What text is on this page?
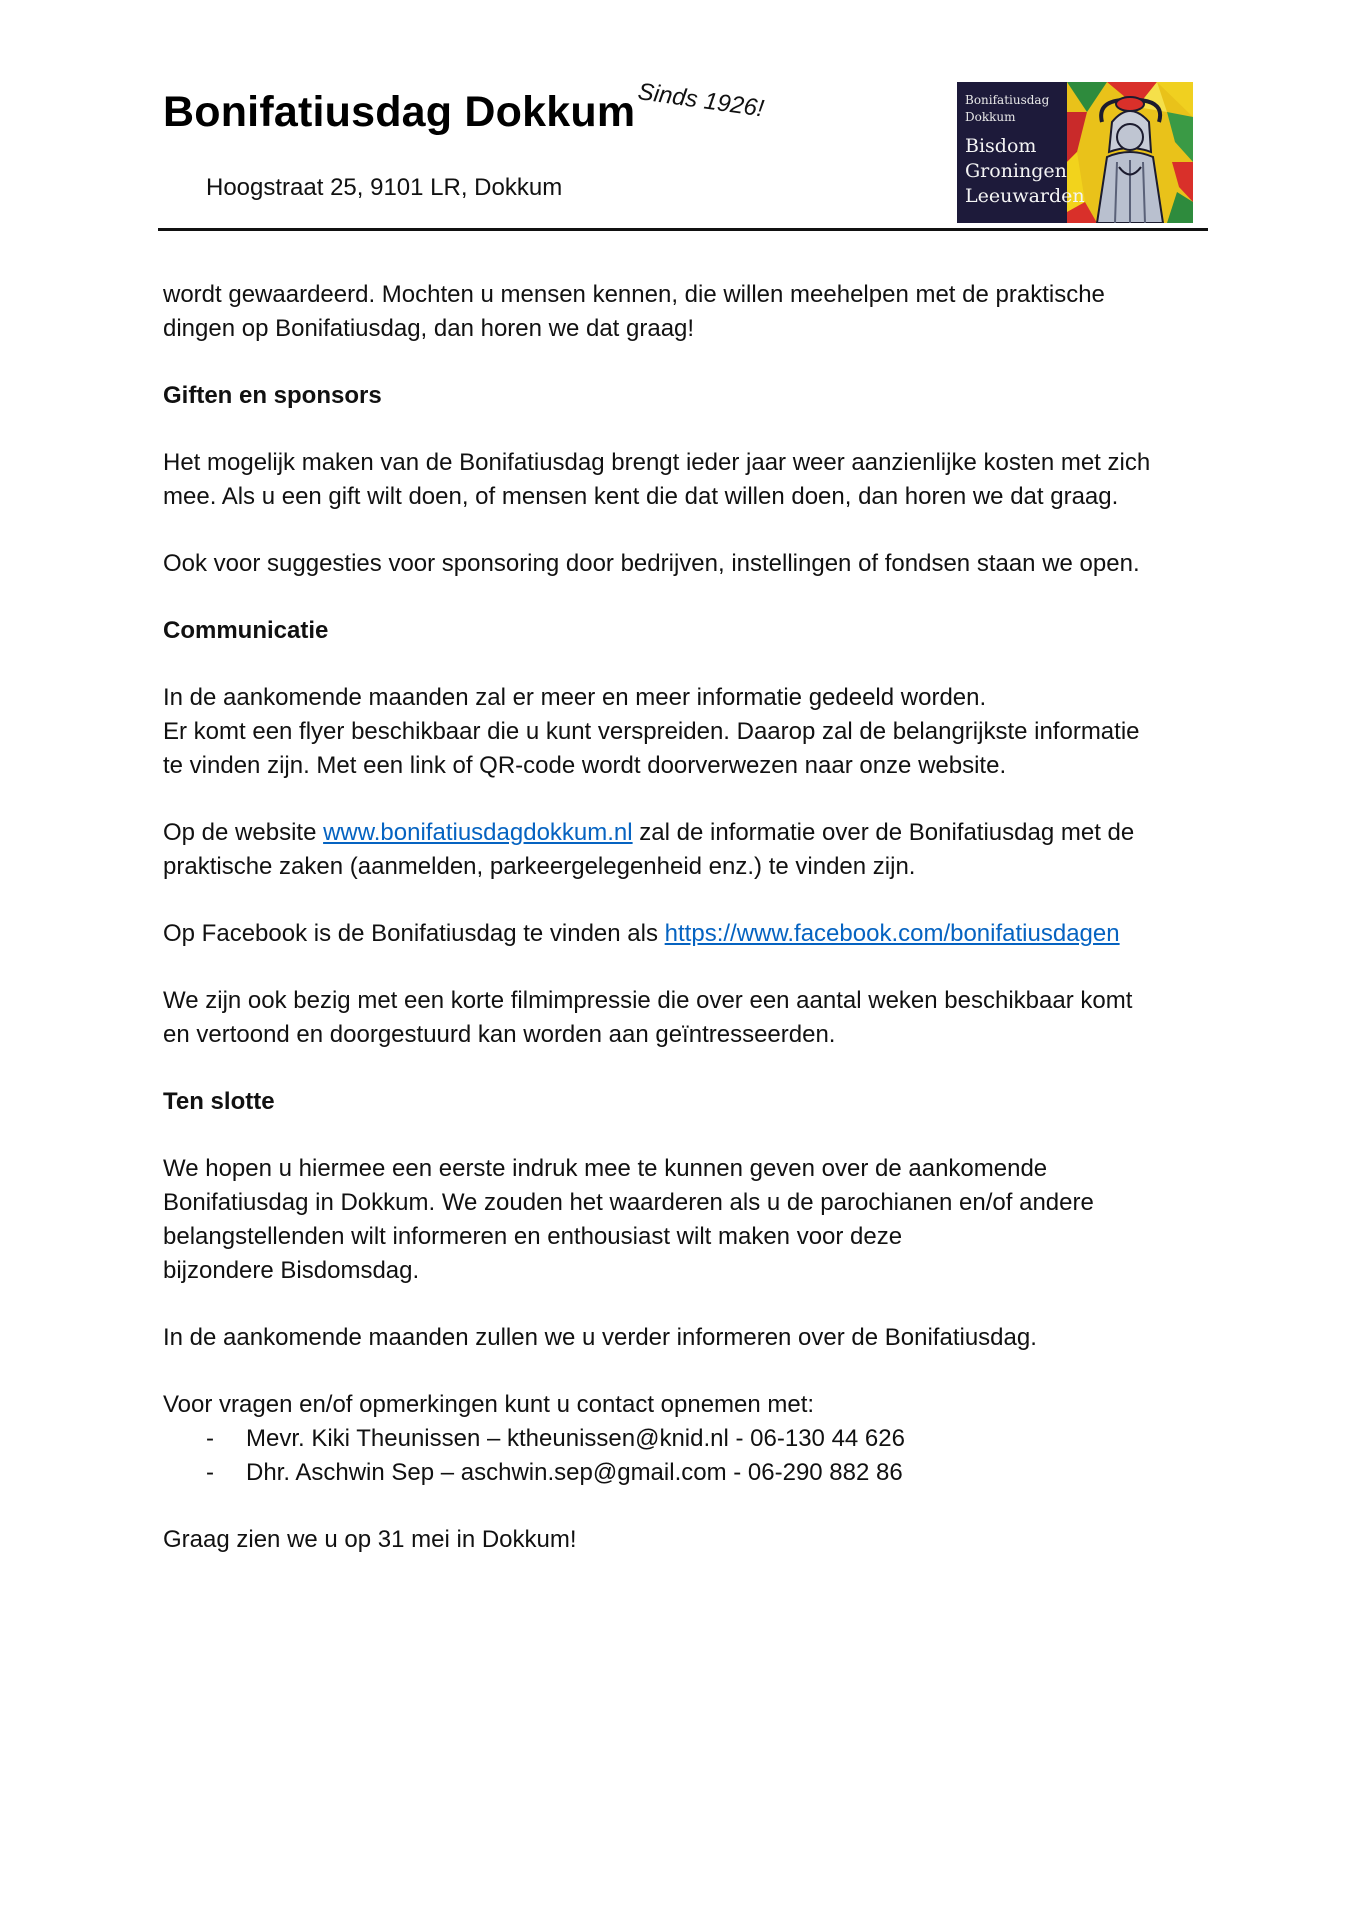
Bonifatiusdag Dokkum Sinds 1926!
Hoogstraat 25, 9101 LR, Dokkum
Bonifatiusdag
Dokkum
Bisdom
Groningen
Leeuwarden

wordt gewaardeerd. Mochten u mensen kennen, die willen meehelpen met de praktische
dingen op Bonifatiusdag, dan horen we dat graag!

Giften en sponsors

Het mogelijk maken van de Bonifatiusdag brengt ieder jaar weer aanzienlijke kosten met zich
mee. Als u een gift wilt doen, of mensen kent die dat willen doen, dan horen we dat graag.

Ook voor suggesties voor sponsoring door bedrijven, instellingen of fondsen staan we open.

Communicatie

In de aankomende maanden zal er meer en meer informatie gedeeld worden.
Er komt een flyer beschikbaar die u kunt verspreiden. Daarop zal de belangrijkste informatie
te vinden zijn. Met een link of QR-code wordt doorverwezen naar onze website.

Op de website www.bonifatiusdagdokkum.nl zal de informatie over de Bonifatiusdag met de
praktische zaken (aanmelden, parkeergelegenheid enz.) te vinden zijn.

Op Facebook is de Bonifatiusdag te vinden als https://www.facebook.com/bonifatiusdagen

We zijn ook bezig met een korte filmimpressie die over een aantal weken beschikbaar komt
en vertoond en doorgestuurd kan worden aan geïntresseerden.

Ten slotte

We hopen u hiermee een eerste indruk mee te kunnen geven over de aankomende
Bonifatiusdag in Dokkum. We zouden het waarderen als u de parochianen en/of andere
belangstellenden wilt informeren en enthousiast wilt maken voor deze
bijzondere Bisdomsdag.

In de aankomende maanden zullen we u verder informeren over de Bonifatiusdag.

Voor vragen en/of opmerkingen kunt u contact opnemen met:
- Mevr. Kiki Theunissen – ktheunissen@knid.nl - 06-130 44 626
- Dhr. Aschwin Sep – aschwin.sep@gmail.com - 06-290 882 86

Graag zien we u op 31 mei in Dokkum!
